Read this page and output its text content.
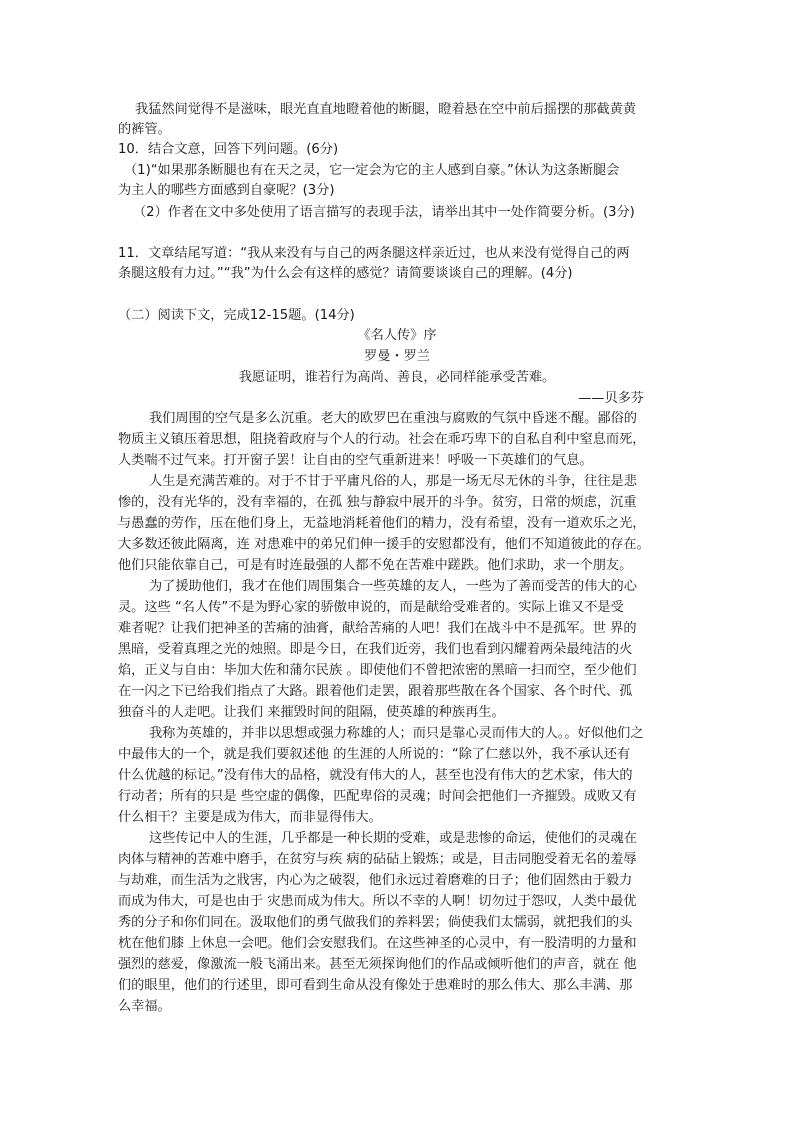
我猛然间觉得不是滋味，眼光直直地瞪着他的断腿，瞪着悬在空中前后摇摆的那截黄黄
的裤管。
10．结合文意，回答下列问题。(6分)
（1)“如果那条断腿也有在天之灵，它一定会为它的主人感到自豪。”休认为这条断腿会
为主人的哪些方面感到自豪呢？(3分)
（2）作者在文中多处使用了语言描写的表现手法，请举出其中一处作简要分析。(3分)
11．文章结尾写道：“我从来没有与自己的两条腿这样亲近过，也从来没有觉得自己的两
条腿这般有力过。”“我”为什么会有这样的感觉？请简要谈谈自己的理解。(4分)
（二）阅读下文，完成12-15题。(14分)
《名人传》序
罗曼・罗兰
我愿证明，谁若行为高尚、善良，必同样能承受苦难。
——贝多芬
我们周围的空气是多么沉重。老大的欧罗巴在重浊与腐败的气氛中昏迷不醒。鄙俗的
物质主义镇压着思想，阻挠着政府与个人的行动。社会在乖巧卑下的自私自利中窒息而死，
人类喘不过气来。打开窗子罢！让自由的空气重新进来！呼吸一下英雄们的气息。
人生是充满苦难的。对于不甘于平庸凡俗的人，那是一场无尽无休的斗争，往往是悲
惨的，没有光华的，没有幸福的，在孤 独与静寂中展开的斗争。贫穷，日常的烦虑，沉重
与愚蠢的劳作，压在他们身上，无益地消耗着他们的精力，没有希望，没有一道欢乐之光，
大多数还彼此隔离，连 对患难中的弟兄们伸一援手的安慰都没有，他们不知道彼此的存在。
他们只能依靠自己，可是有时连最强的人都不免在苦难中蹉跌。他们求助，求一个朋友。
为了援助他们，我才在他们周围集合一些英雄的友人，一些为了善而受苦的伟大的心
灵。这些 “名人传”不是为野心家的骄傲申说的，而是献给受难者的。实际上谁又不是受
难者呢？让我们把神圣的苦痛的油膏，献给苦痛的人吧！我们在战斗中不是孤军。世 界的
黑暗，受着真理之光的烛照。即是今日，在我们近旁，我们也看到闪耀着两朵最纯洁的火
焰，正义与自由：毕加大佐和蒲尔民族 。即使他们不曾把浓密的黑暗一扫而空，至少他们
在一闪之下已给我们指点了大路。跟着他们走罢，跟着那些散在各个国家、各个时代、孤
独奋斗的人走吧。让我们 来摧毁时间的阻隔，使英雄的种族再生。
我称为英雄的，并非以思想或强力称雄的人；而只是靠心灵而伟大的人。。好似他们之
中最伟大的一个，就是我们要叙述他 的生涯的人所说的：“除了仁慈以外，我不承认还有
什么优越的标记。”没有伟大的品格，就没有伟大的人，甚至也没有伟大的艺术家，伟大的
行动者；所有的只是 些空虚的偶像，匹配卑俗的灵魂；时间会把他们一齐摧毁。成败又有
什么相干？主要是成为伟大，而非显得伟大。
这些传记中人的生涯，几乎都是一种长期的受难，或是悲惨的命运，使他们的灵魂在
肉体与精神的苦难中磨手，在贫穷与疾 病的砧砧上锻炼；或是，目击同胞受着无名的羞辱
与劫难，而生活为之戕害，内心为之破裂，他们永远过着磨难的日子；他们固然由于毅力
而成为伟大，可是也由于 灾患而成为伟大。所以不幸的人啊！切勿过于怨叹，人类中最优
秀的分子和你们同在。汲取他们的勇气做我们的养料罢；倘使我们太懦弱，就把我们的头
枕在他们膝 上休息一会吧。他们会安慰我们。在这些神圣的心灵中，有一股清明的力量和
强烈的慈爱，像激流一般飞涌出来。甚至无须探询他们的作品或倾听他们的声音，就在 他
们的眼里，他们的行述里，即可看到生命从没有像处于患难时的那么伟大、那么丰满、那
么幸福。
